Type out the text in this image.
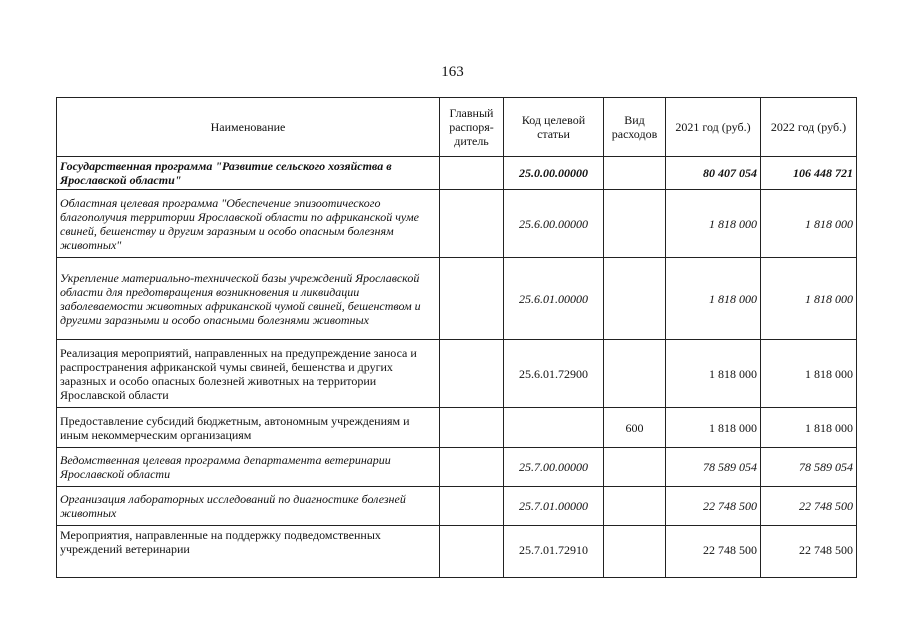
163
Наименование	Главный распоря-дитель	Код целевой статьи	Вид расходов	2021 год (руб.)	2022 год (руб.)
Государственная программа "Развитие сельского хозяйства в Ярославской области"		25.0.00.00000		80 407 054	106 448 721
Областная целевая программа "Обеспечение эпизоотического благополучия территории Ярославской области по африканской чуме свиней, бешенству и другим заразным и особо опасным болезням животных"		25.6.00.00000		1 818 000	1 818 000
Укрепление материально-технической базы учреждений Ярославской области для предотвращения возникновения и ликвидации заболеваемости животных африканской чумой свиней, бешенством и другими заразными и особо опасными болезнями животных		25.6.01.00000		1 818 000	1 818 000
Реализация мероприятий, направленных на предупреждение заноса и распространения африканской чумы свиней, бешенства и других заразных и особо опасных болезней животных на территории Ярославской области		25.6.01.72900		1 818 000	1 818 000
Предоставление субсидий бюджетным, автономным учреждениям и иным некоммерческим организациям			600	1 818 000	1 818 000
Ведомственная целевая программа департамента ветеринарии Ярославской области		25.7.00.00000		78 589 054	78 589 054
Организация лабораторных исследований по диагностике болезней животных		25.7.01.00000		22 748 500	22 748 500
Мероприятия, направленные на поддержку подведомственных учреждений ветеринарии		25.7.01.72910		22 748 500	22 748 500
